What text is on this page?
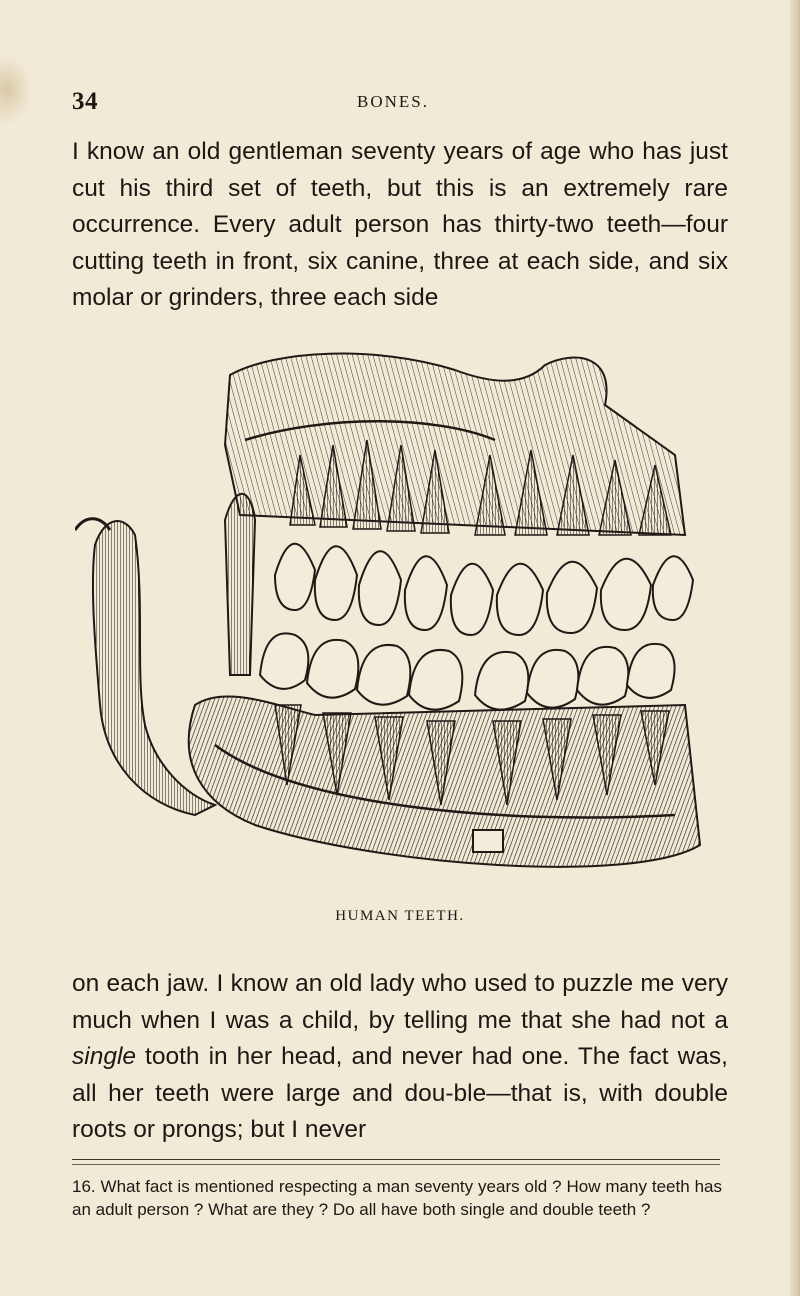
34	BONES.

I know an old gentleman seventy years of age who has just cut his third set of teeth, but this is an extremely rare occurrence. Every adult person has thirty-two teeth—four cutting teeth in front, six canine, three at each side, and six molar or grinders, three each side

HUMAN TEETH.

on each jaw. I know an old lady who used to puzzle me very much when I was a child, by telling me that she had not a single tooth in her head, and never had one. The fact was, all her teeth were large and dou-ble—that is, with double roots or prongs; but I never

16. What fact is mentioned respecting a man seventy years old ? How many teeth has an adult person ? What are they ? Do all have both single and double teeth ?
